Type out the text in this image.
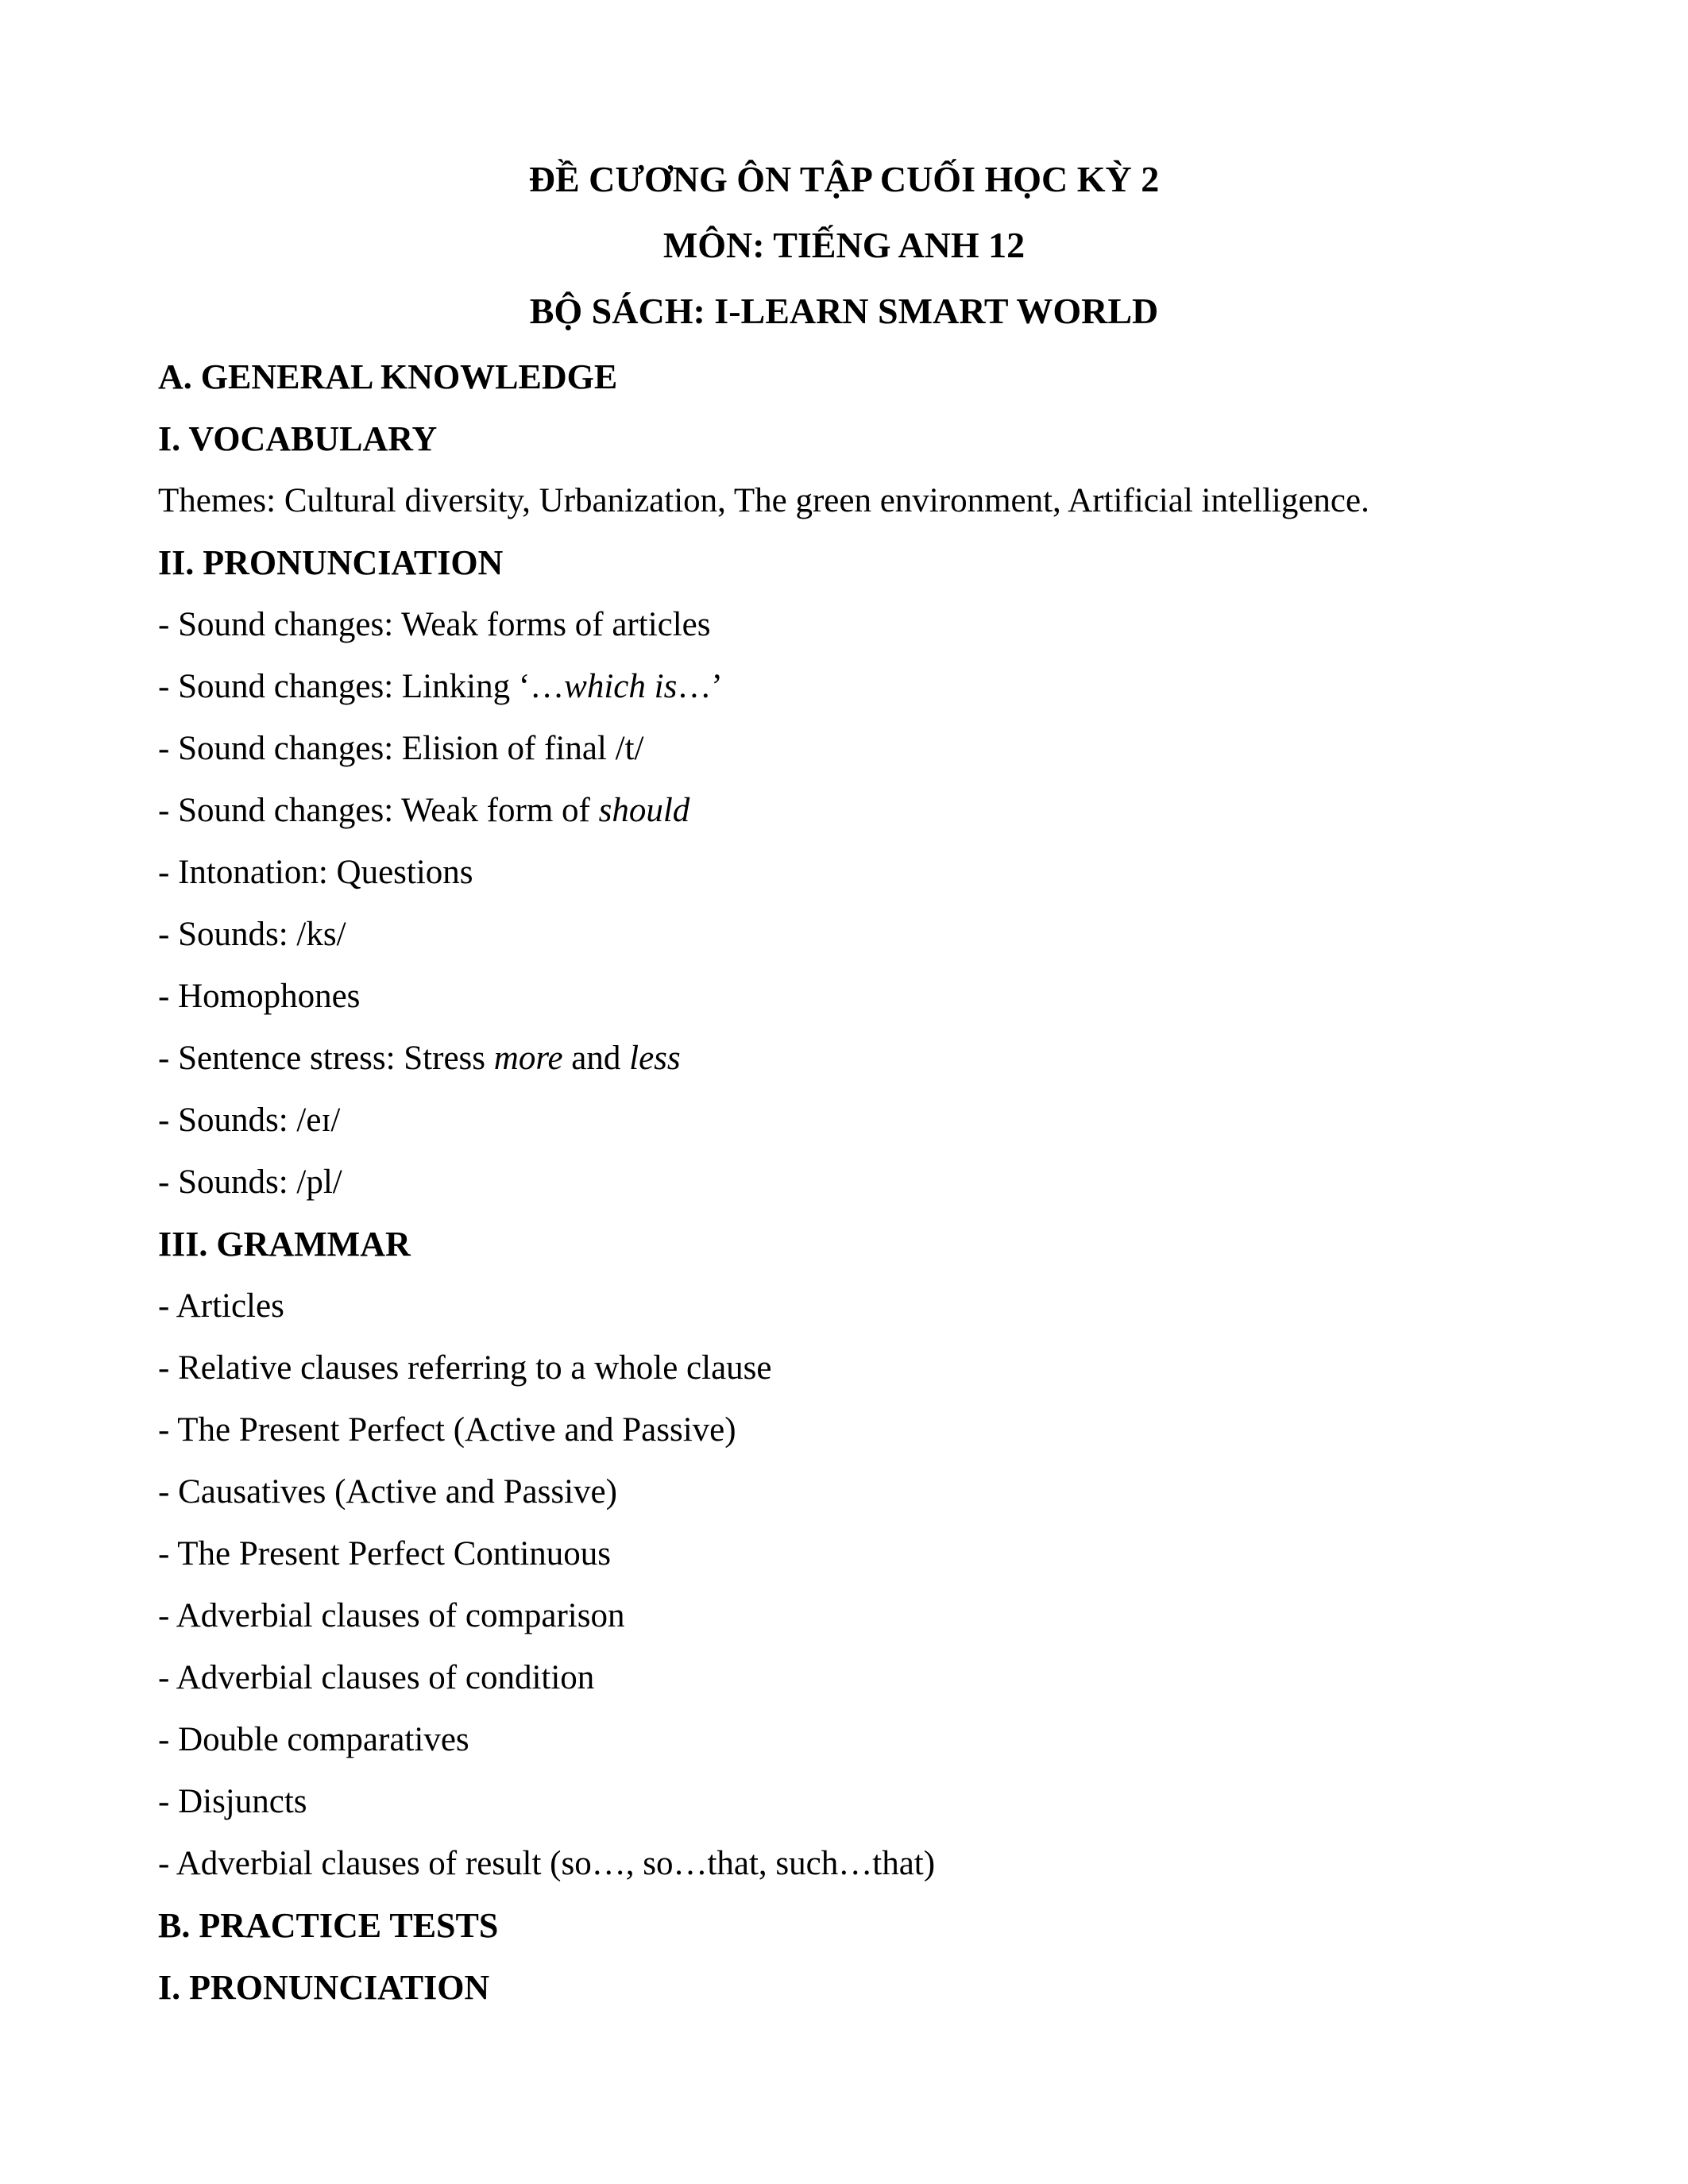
ĐỀ CƯƠNG ÔN TẬP CUỐI HỌC KỲ 2
MÔN: TIẾNG ANH 12
BỘ SÁCH: I-LEARN SMART WORLD
A. GENERAL KNOWLEDGE
I. VOCABULARY
Themes: Cultural diversity, Urbanization, The green environment, Artificial intelligence.
II. PRONUNCIATION
- Sound changes: Weak forms of articles
- Sound changes: Linking ‘…which is…’
- Sound changes: Elision of final /t/
- Sound changes: Weak form of should
- Intonation: Questions
- Sounds: /ks/
- Homophones
- Sentence stress: Stress more and less
- Sounds: /eɪ/
- Sounds: /pl/
III. GRAMMAR
- Articles
- Relative clauses referring to a whole clause
- The Present Perfect (Active and Passive)
- Causatives (Active and Passive)
- The Present Perfect Continuous
- Adverbial clauses of comparison
- Adverbial clauses of condition
- Double comparatives
- Disjuncts
- Adverbial clauses of result (so…, so…that, such…that)
B. PRACTICE TESTS
I. PRONUNCIATION
